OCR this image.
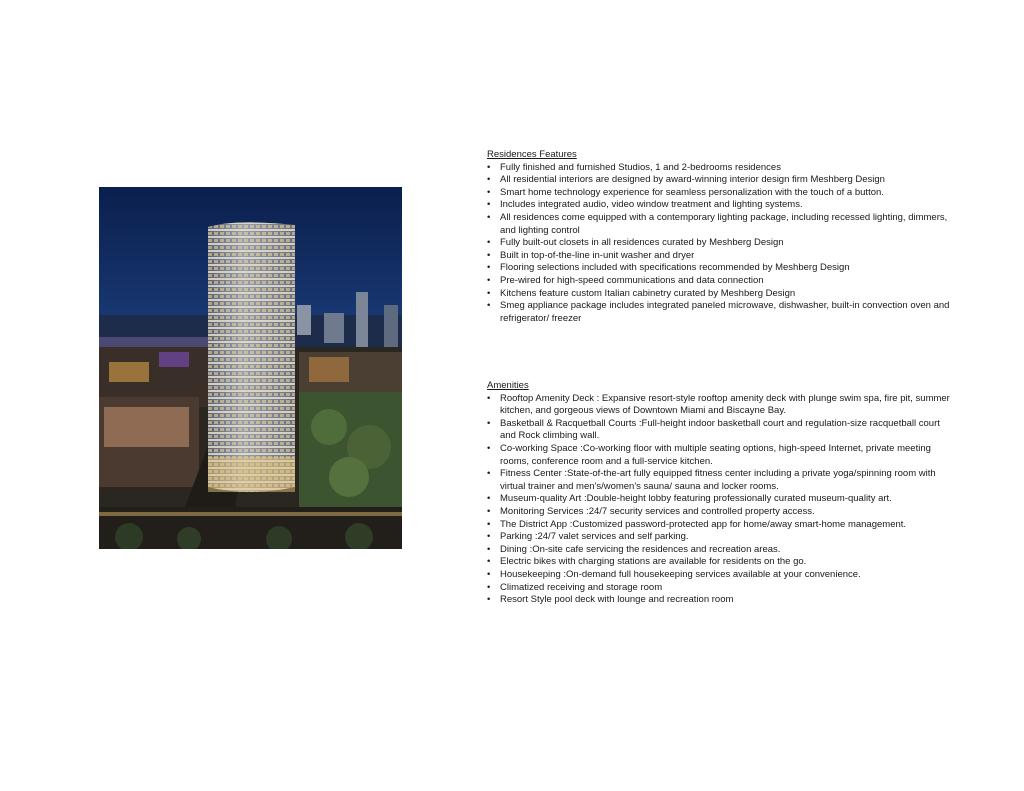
Residences Features
• Fully finished and furnished Studios, 1 and 2-bedrooms residences
• All residential interiors are designed by award-winning interior design firm Meshberg Design
• Smart home technology experience for seamless personalization with the touch of a button.
• Includes integrated audio, video window treatment and lighting systems.
• All residences come equipped with a contemporary lighting package, including recessed lighting, dimmers, and lighting control
• Fully built-out closets in all residences curated by Meshberg Design
• Built in top-of-the-line in-unit washer and dryer
• Flooring selections included with specifications recommended by Meshberg Design
• Pre-wired for high-speed communications and data connection
• Kitchens feature custom Italian cabinetry curated by Meshberg Design
• Smeg appliance package includes integrated paneled microwave, dishwasher, built-in convection oven and refrigerator/ freezer
Amenities
• Rooftop Amenity Deck : Expansive resort-style rooftop amenity deck with plunge swim spa, fire pit, summer kitchen, and gorgeous views of Downtown Miami and Biscayne Bay.
• Basketball & Racquetball Courts :Full-height indoor basketball court and regulation-size racquetball court and Rock climbing wall.
• Co-working Space :Co-working floor with multiple seating options, high-speed Internet, private meeting rooms, conference room and a full-service kitchen.
• Fitness Center :State-of-the-art fully equipped fitness center including a private yoga/spinning room with virtual trainer and men's/women's sauna/ sauna and locker rooms.
• Museum-quality Art :Double-height lobby featuring professionally curated museum-quality art.
• Monitoring Services :24/7 security services and controlled property access.
• The District App :Customized password-protected app for home/away smart-home management.
• Parking :24/7 valet services and self parking.
• Dining :On-site cafe servicing the residences and recreation areas.
• Electric bikes with charging stations are available for residents on the go.
• Housekeeping :On-demand full housekeeping services available at your convenience.
• Climatized receiving and storage room
• Resort Style pool deck with lounge and recreation room
